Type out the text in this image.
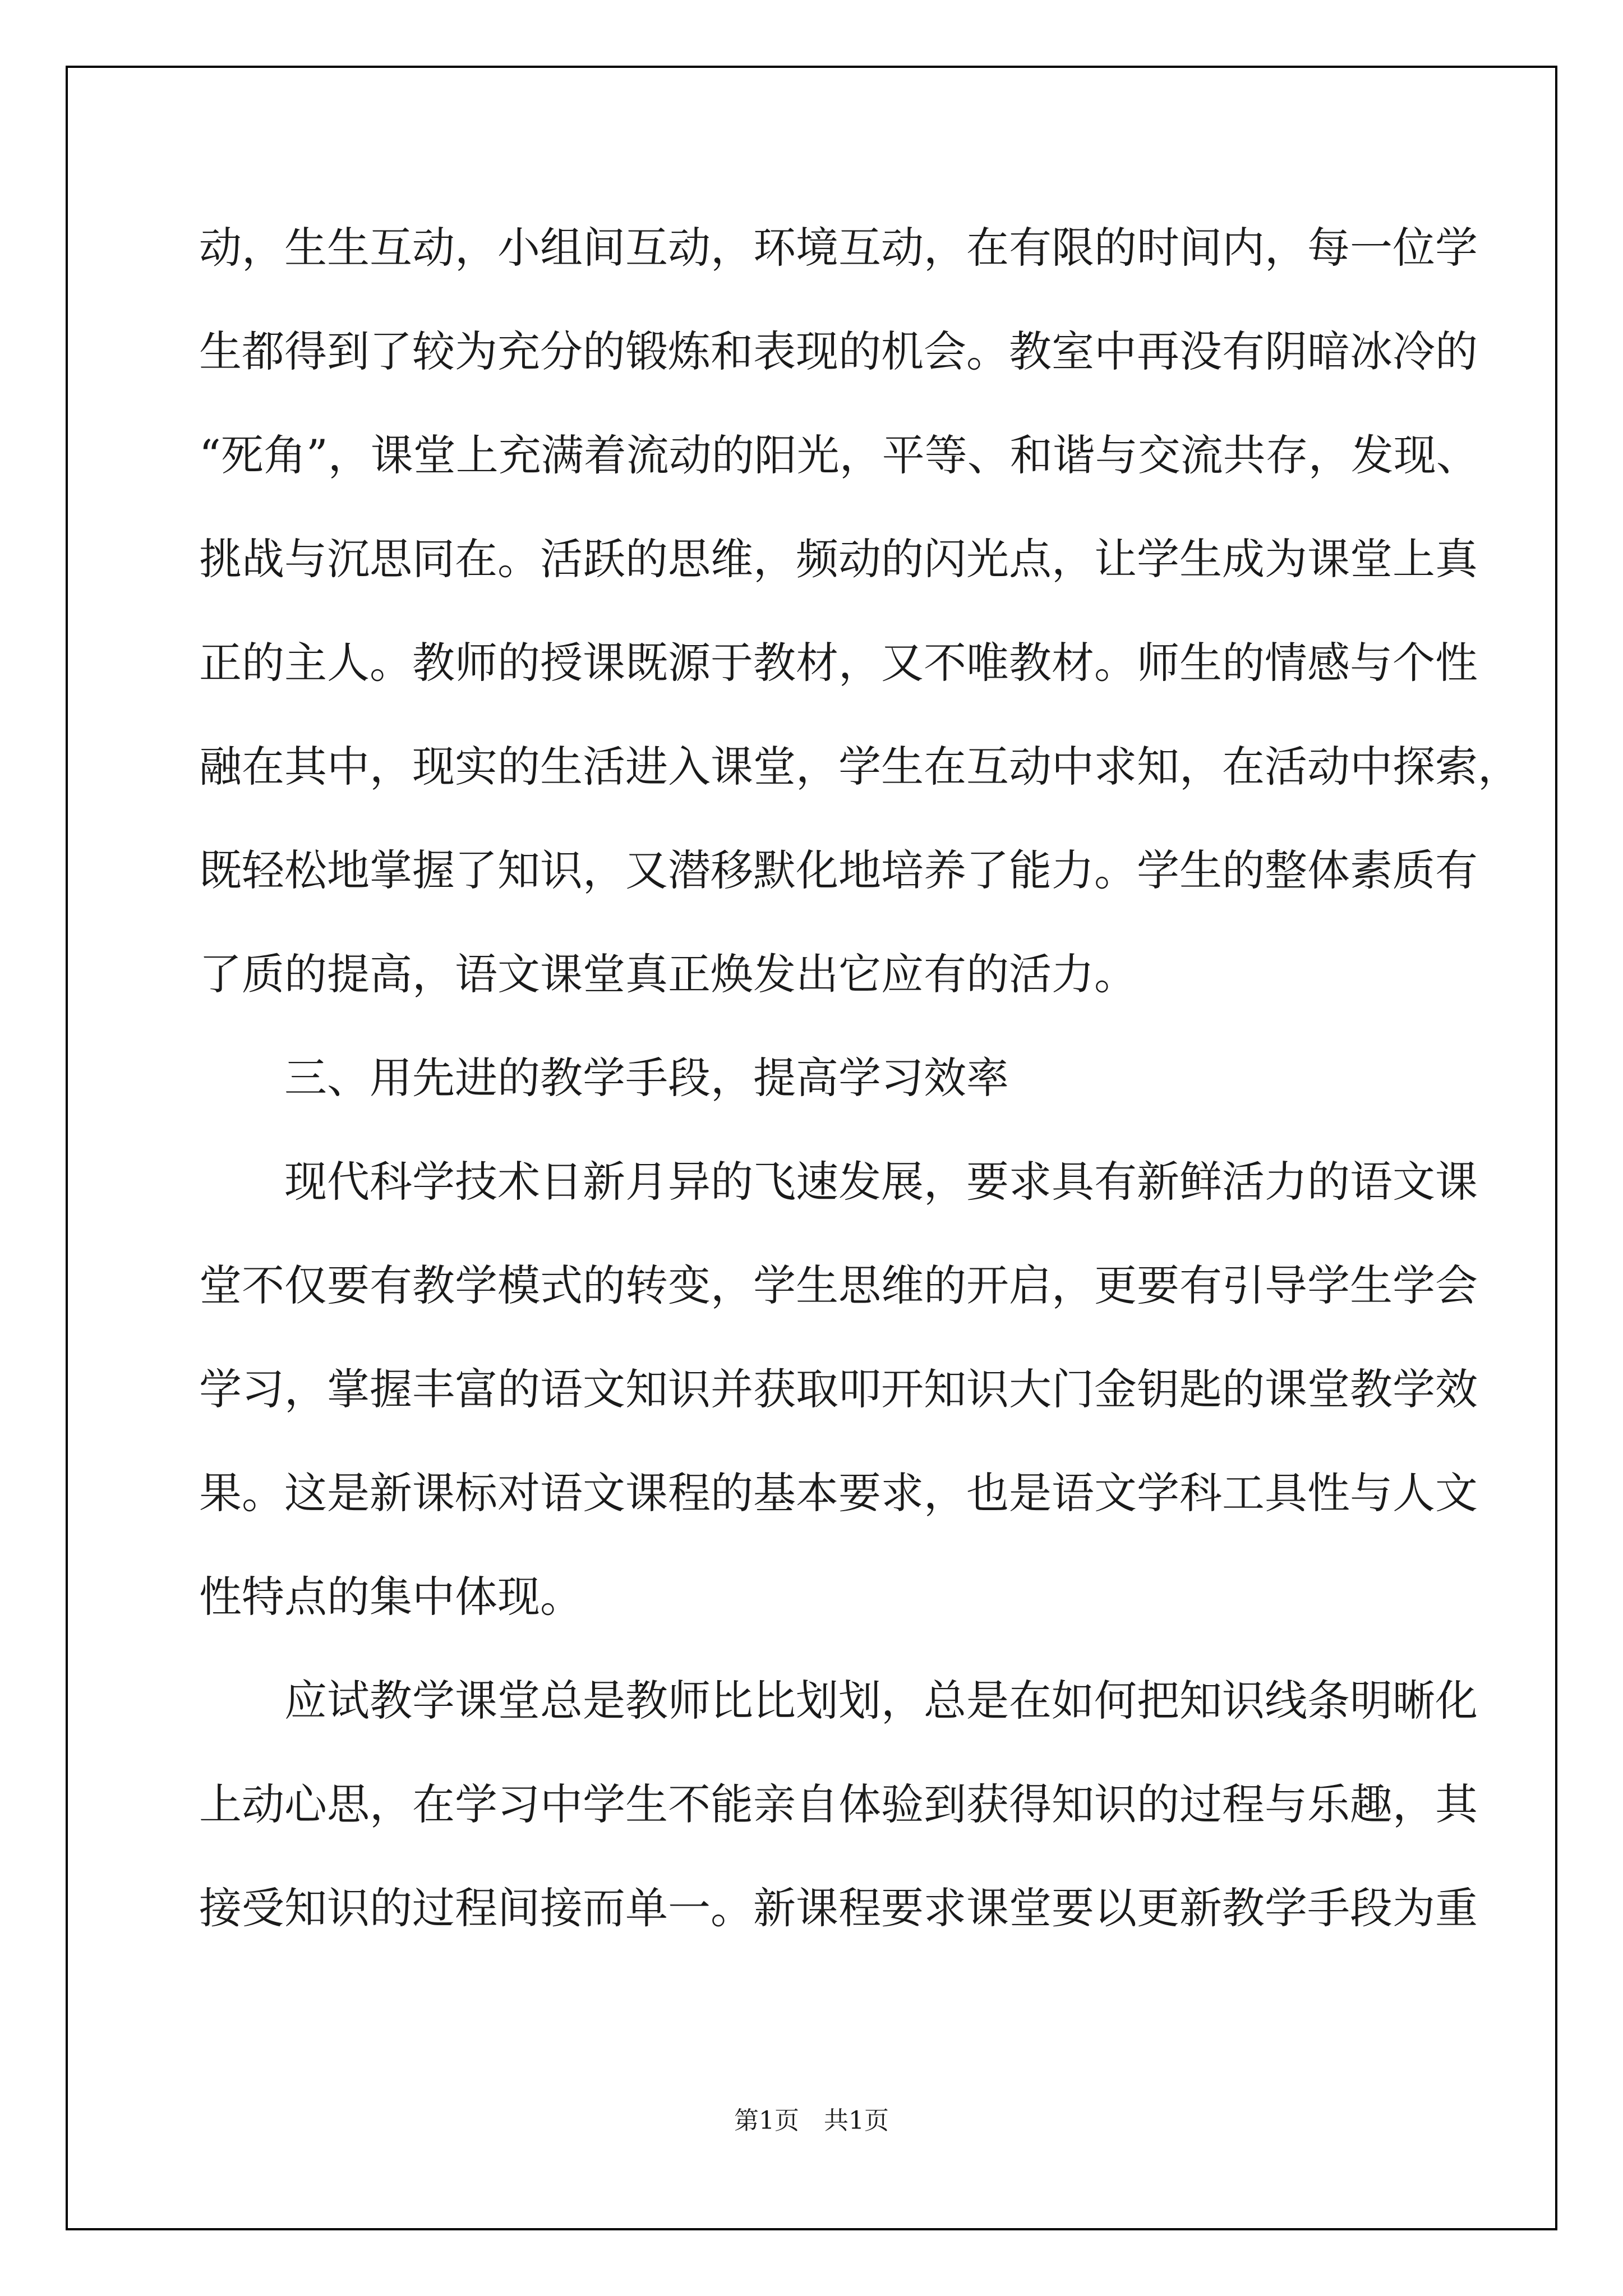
动，生生互动，小组间互动，环境互动，在有限的时间内，每一位学
生都得到了较为充分的锻炼和表现的机会。教室中再没有阴暗冰冷的
“死角”，课堂上充满着流动的阳光，平等、和谐与交流共存，发现、
挑战与沉思同在。活跃的思维，频动的闪光点，让学生成为课堂上真
正的主人。教师的授课既源于教材，又不唯教材。师生的情感与个性
融在其中，现实的生活进入课堂，学生在互动中求知，在活动中探索，
既轻松地掌握了知识，又潜移默化地培养了能力。学生的整体素质有
了质的提高，语文课堂真正焕发出它应有的活力。
三、用先进的教学手段，提高学习效率
现代科学技术日新月异的飞速发展，要求具有新鲜活力的语文课
堂不仅要有教学模式的转变，学生思维的开启，更要有引导学生学会
学习，掌握丰富的语文知识并获取叩开知识大门金钥匙的课堂教学效
果。这是新课标对语文课程的基本要求，也是语文学科工具性与人文
性特点的集中体现。
应试教学课堂总是教师比比划划，总是在如何把知识线条明晰化
上动心思，在学习中学生不能亲自体验到获得知识的过程与乐趣，其
接受知识的过程间接而单一。新课程要求课堂要以更新教学手段为重
第1页 共1页
